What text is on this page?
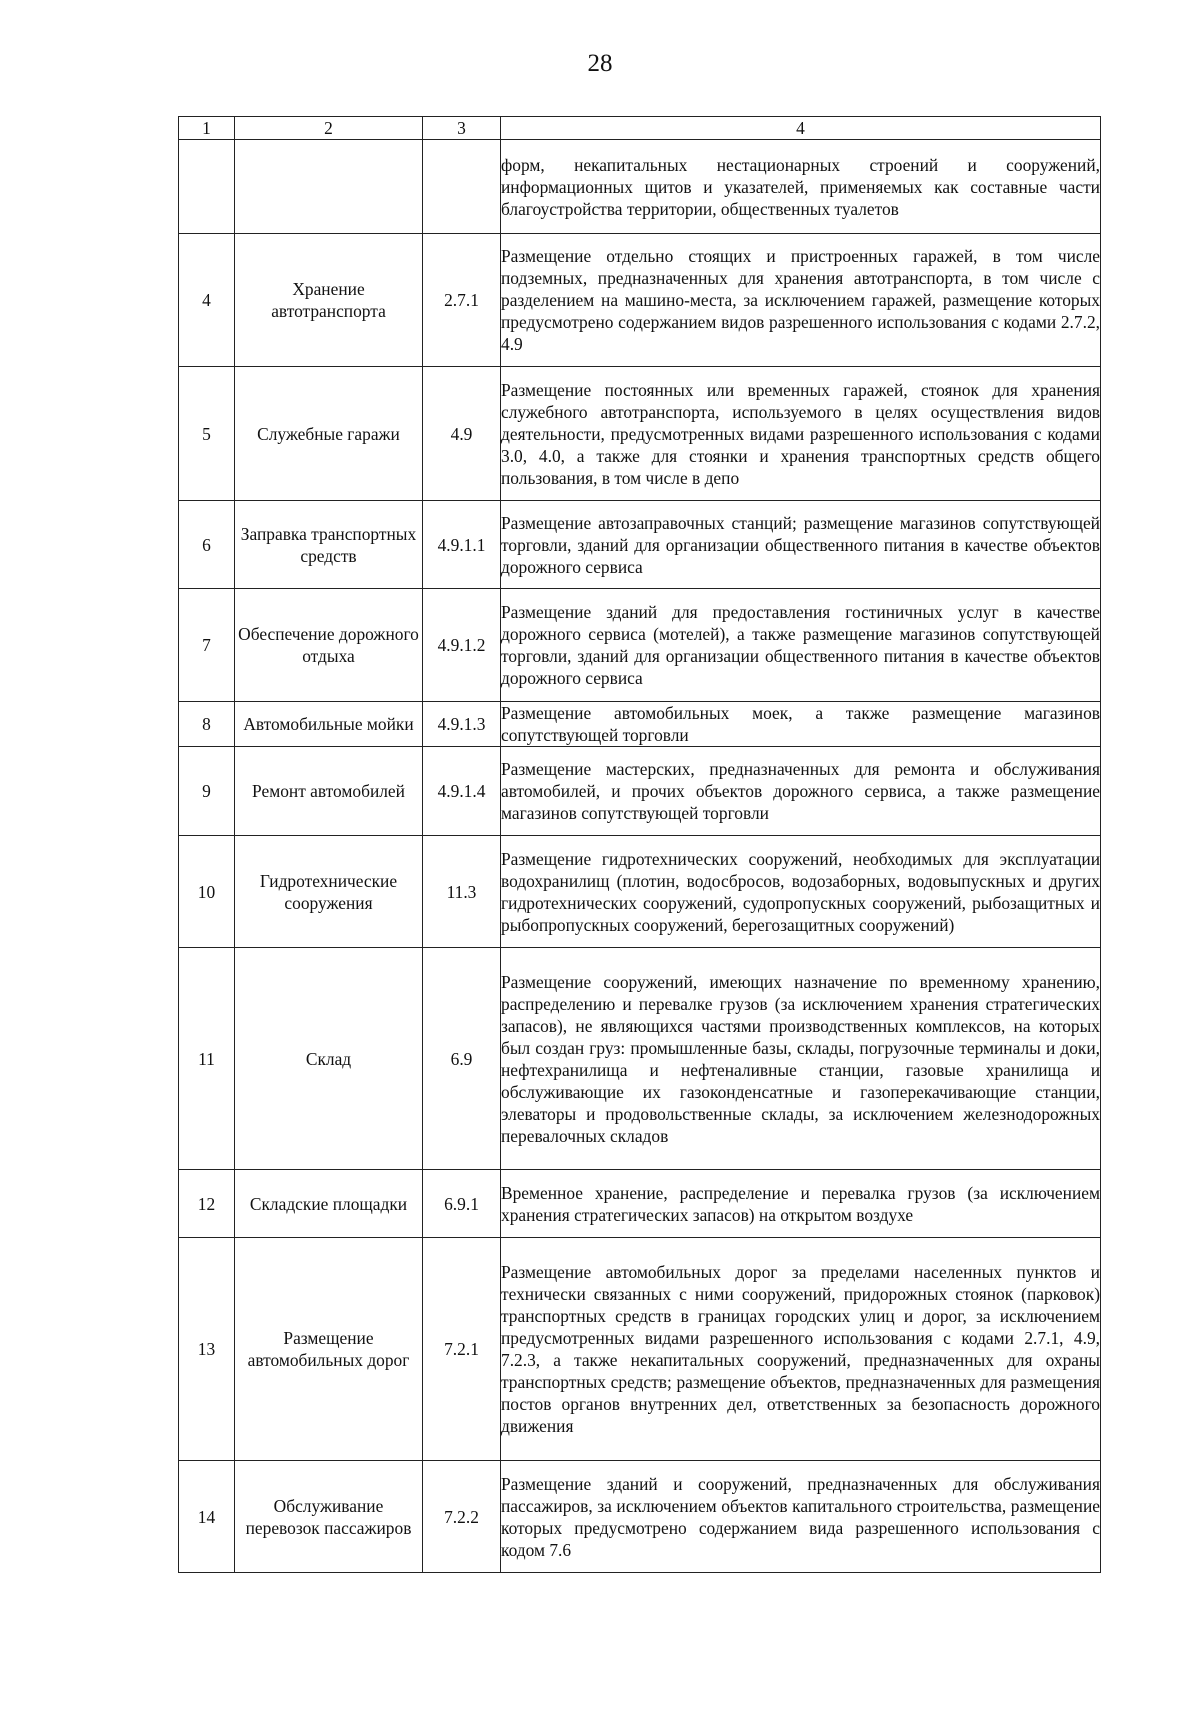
28
1	2	3	4
			форм, некапитальных нестационарных строений и сооружений, информационных щитов и указателей, применяемых как составные части благоустройства территории, общественных туалетов
4	Хранение автотранспорта	2.7.1	Размещение отдельно стоящих и пристроенных гаражей, в том числе подземных, предназначенных для хранения автотранспорта, в том числе с разделением на машино-места, за исключением гаражей, размещение которых предусмотрено содержанием видов разрешенного использования с кодами 2.7.2, 4.9
5	Служебные гаражи	4.9	Размещение постоянных или временных гаражей, стоянок для хранения служебного автотранспорта, используемого в целях осуществления видов деятельности, предусмотренных видами разрешенного использования с кодами 3.0, 4.0, а также для стоянки и хранения транспортных средств общего пользования, в том числе в депо
6	Заправка транспортных средств	4.9.1.1	Размещение автозаправочных станций; размещение магазинов сопутствующей торговли, зданий для организации общественного питания в качестве объектов дорожного сервиса
7	Обеспечение дорожного отдыха	4.9.1.2	Размещение зданий для предоставления гостиничных услуг в качестве дорожного сервиса (мотелей), а также размещение магазинов сопутствующей торговли, зданий для организации общественного питания в качестве объектов дорожного сервиса
8	Автомобильные мойки	4.9.1.3	Размещение автомобильных моек, а также размещение магазинов сопутствующей торговли
9	Ремонт автомобилей	4.9.1.4	Размещение мастерских, предназначенных для ремонта и обслуживания автомобилей, и прочих объектов дорожного сервиса, а также размещение магазинов сопутствующей торговли
10	Гидротехнические сооружения	11.3	Размещение гидротехнических сооружений, необходимых для эксплуатации водохранилищ (плотин, водосбросов, водозаборных, водовыпускных и других гидротехнических сооружений, судопропускных сооружений, рыбозащитных и рыбопропускных сооружений, берегозащитных сооружений)
11	Склад	6.9	Размещение сооружений, имеющих назначение по временному хранению, распределению и перевалке грузов (за исключением хранения стратегических запасов), не являющихся частями производственных комплексов, на которых был создан груз: промышленные базы, склады, погрузочные терминалы и доки, нефтехранилища и нефтеналивные станции, газовые хранилища и обслуживающие их газоконденсатные и газоперекачивающие станции, элеваторы и продовольственные склады, за исключением железнодорожных перевалочных складов
12	Складские площадки	6.9.1	Временное хранение, распределение и перевалка грузов (за исключением хранения стратегических запасов) на открытом воздухе
13	Размещение автомобильных дорог	7.2.1	Размещение автомобильных дорог за пределами населенных пунктов и технически связанных с ними сооружений, придорожных стоянок (парковок) транспортных средств в границах городских улиц и дорог, за исключением предусмотренных видами разрешенного использования с кодами 2.7.1, 4.9, 7.2.3, а также некапитальных сооружений, предназначенных для охраны транспортных средств; размещение объектов, предназначенных для размещения постов органов внутренних дел, ответственных за безопасность дорожного движения
14	Обслуживание перевозок пассажиров	7.2.2	Размещение зданий и сооружений, предназначенных для обслуживания пассажиров, за исключением объектов капитального строительства, размещение которых предусмотрено содержанием вида разрешенного использования с кодом 7.6
